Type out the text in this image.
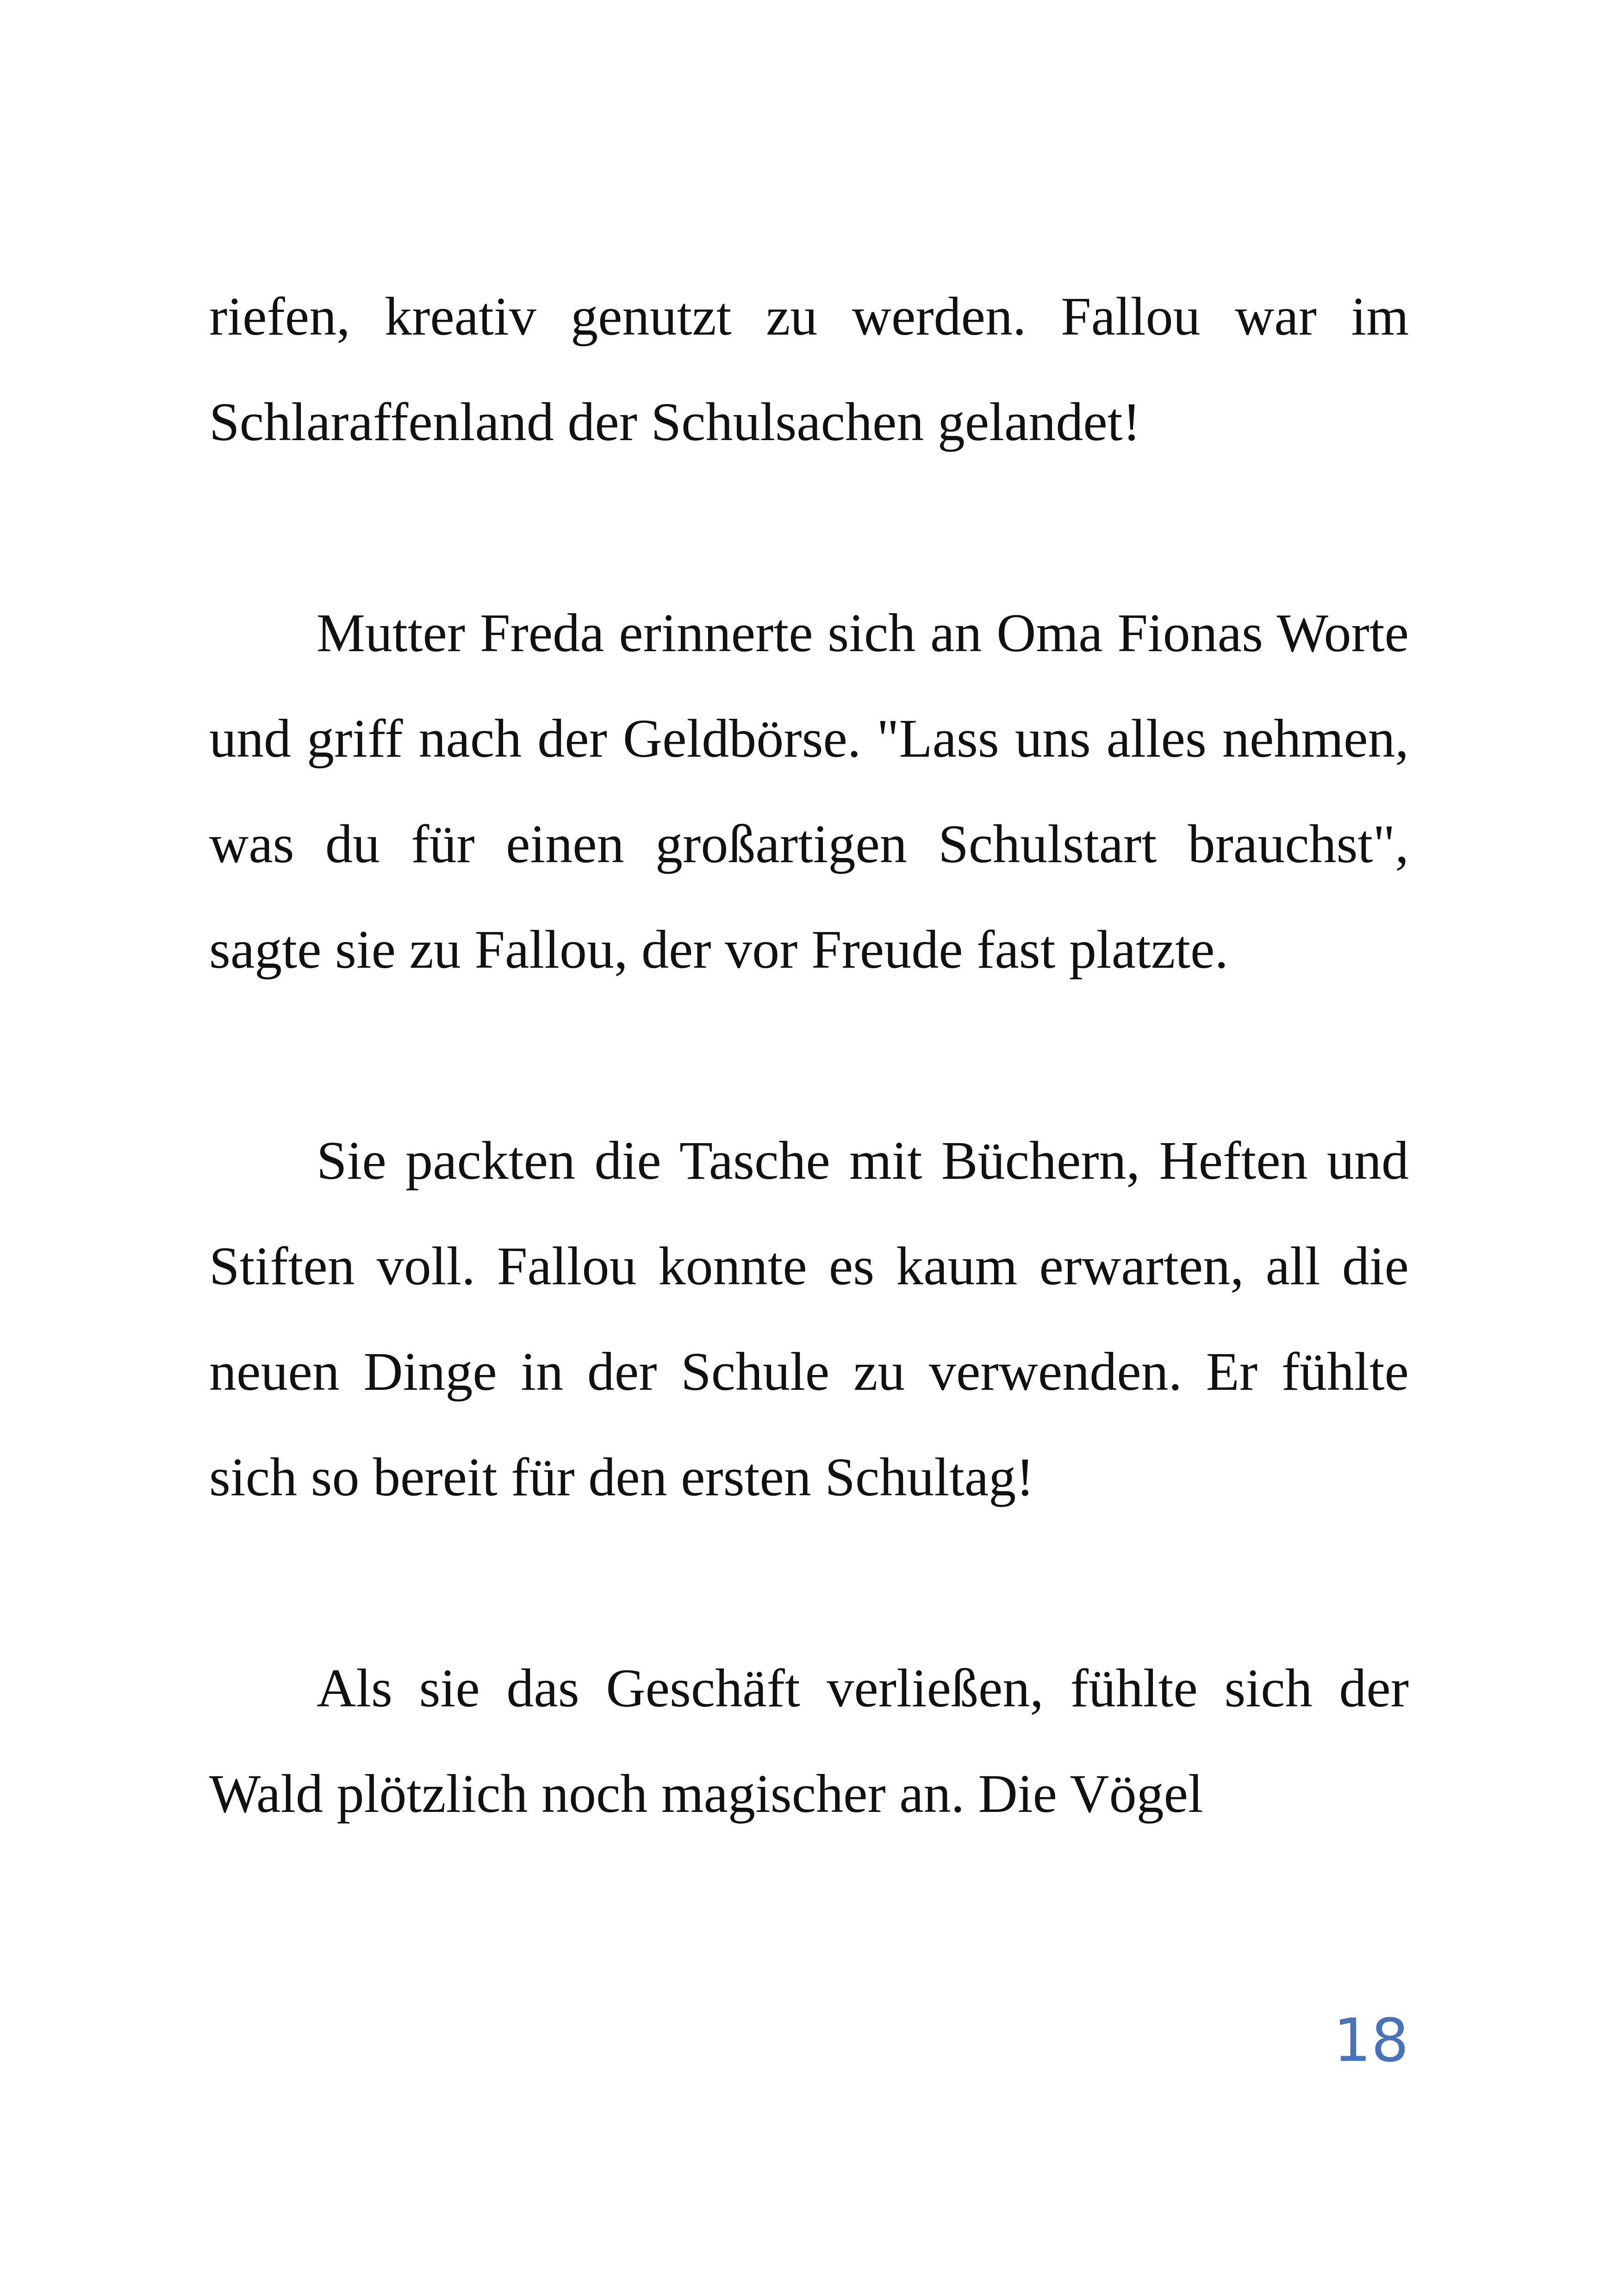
riefen, kreativ genutzt zu werden. Fallou war im Schlaraffenland der Schulsachen gelandet!

Mutter Freda erinnerte sich an Oma Fionas Worte und griff nach der Geldbörse. "Lass uns alles nehmen, was du für einen großartigen Schulstart brauchst", sagte sie zu Fallou, der vor Freude fast platzte.

Sie packten die Tasche mit Büchern, Heften und Stiften voll. Fallou konnte es kaum erwarten, all die neuen Dinge in der Schule zu verwenden. Er fühlte sich so bereit für den ersten Schultag!

Als sie das Geschäft verließen, fühlte sich der Wald plötzlich noch magischer an. Die Vögel

18
